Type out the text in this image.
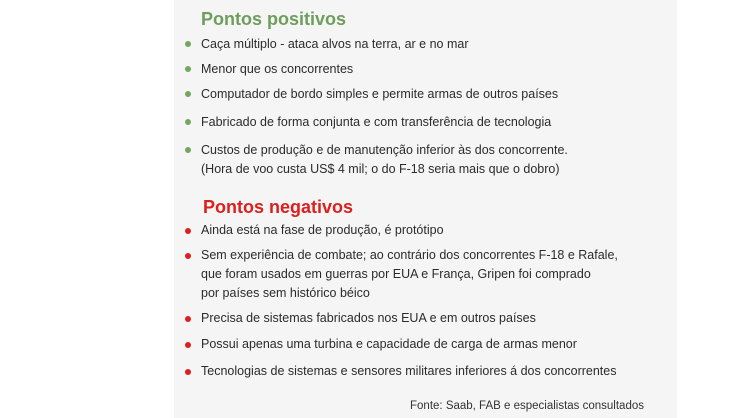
Pontos positivos
Caça múltiplo - ataca alvos na terra, ar e no mar
Menor que os concorrentes
Computador de bordo simples e permite armas de outros países
Fabricado de forma conjunta e com transferência de tecnologia
Custos de produção e de manutenção inferior às dos concorrente.
(Hora de voo custa US$ 4 mil; o do F-18 seria mais que o dobro)
Pontos negativos
Ainda está na fase de produção, é protótipo
Sem experiência de combate; ao contrário dos concorrentes F-18 e Rafale,
que foram usados em guerras por EUA e França, Gripen foi comprado
por países sem histórico béico
Precisa de sistemas fabricados nos EUA e em outros países
Possui apenas uma turbina e capacidade de carga de armas menor
Tecnologias de sistemas e sensores militares inferiores á dos concorrentes
Fonte: Saab, FAB e especialistas consultados
